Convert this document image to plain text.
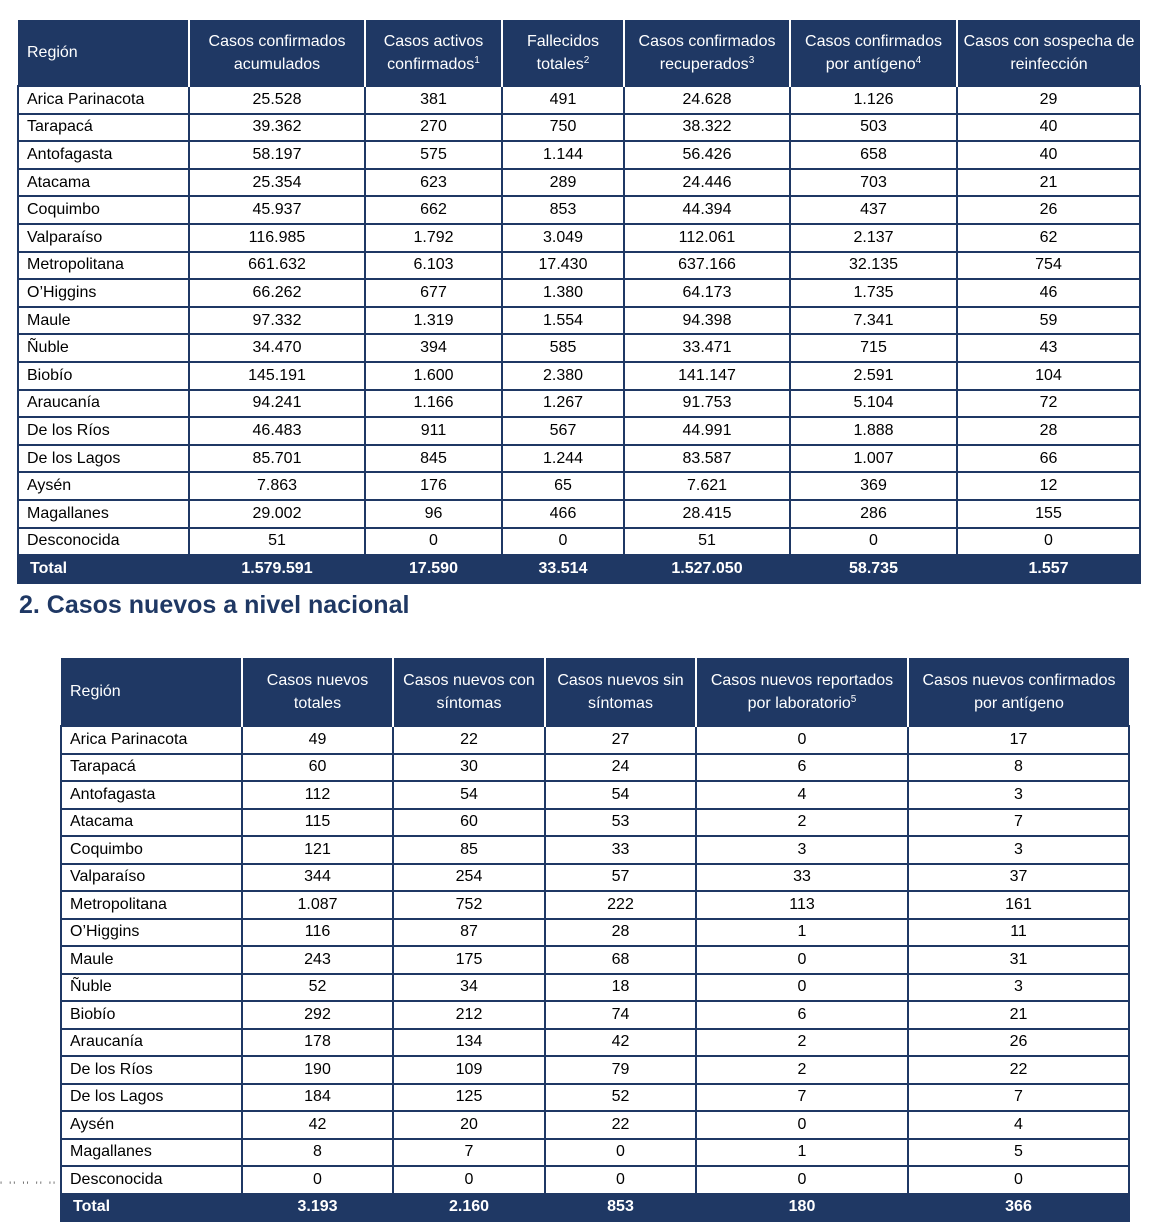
Región	Casos confirmados acumulados	Casos activos confirmados$^1$	Fallecidos totales$^2$	Casos confirmados recuperados$^3$	Casos confirmados por antígeno$^4$	Casos con sospecha de reinfección
Arica Parinacota	25.528	381	491	24.628	1.126	29
Tarapacá	39.362	270	750	38.322	503	40
Antofagasta	58.197	575	1.144	56.426	658	40
Atacama	25.354	623	289	24.446	703	21
Coquimbo	45.937	662	853	44.394	437	26
Valparaíso	116.985	1.792	3.049	112.061	2.137	62
Metropolitana	661.632	6.103	17.430	637.166	32.135	754
O’Higgins	66.262	677	1.380	64.173	1.735	46
Maule	97.332	1.319	1.554	94.398	7.341	59
Ñuble	34.470	394	585	33.471	715	43
Biobío	145.191	1.600	2.380	141.147	2.591	104
Araucanía	94.241	1.166	1.267	91.753	5.104	72
De los Ríos	46.483	911	567	44.991	1.888	28
De los Lagos	85.701	845	1.244	83.587	1.007	66
Aysén	7.863	176	65	7.621	369	12
Magallanes	29.002	96	466	28.415	286	155
Desconocida	51	0	0	51	0	0
Total	1.579.591	17.590	33.514	1.527.050	58.735	1.557
2. Casos nuevos a nivel nacional
Región	Casos nuevos totales	Casos nuevos con síntomas	Casos nuevos sin síntomas	Casos nuevos reportados por laboratorio$^5$	Casos nuevos confirmados por antígeno
Arica Parinacota	49	22	27	0	17
Tarapacá	60	30	24	6	8
Antofagasta	112	54	54	4	3
Atacama	115	60	53	2	7
Coquimbo	121	85	33	3	3
Valparaíso	344	254	57	33	37
Metropolitana	1.087	752	222	113	161
O’Higgins	116	87	28	1	11
Maule	243	175	68	0	31
Ñuble	52	34	18	0	3
Biobío	292	212	74	6	21
Araucanía	178	134	42	2	26
De los Ríos	190	109	79	2	22
De los Lagos	184	125	52	7	7
Aysén	42	20	22	0	4
Magallanes	8	7	0	1	5
Desconocida	0	0	0	0	0
Total	3.193	2.160	853	180	366
' '' '' '' ''
